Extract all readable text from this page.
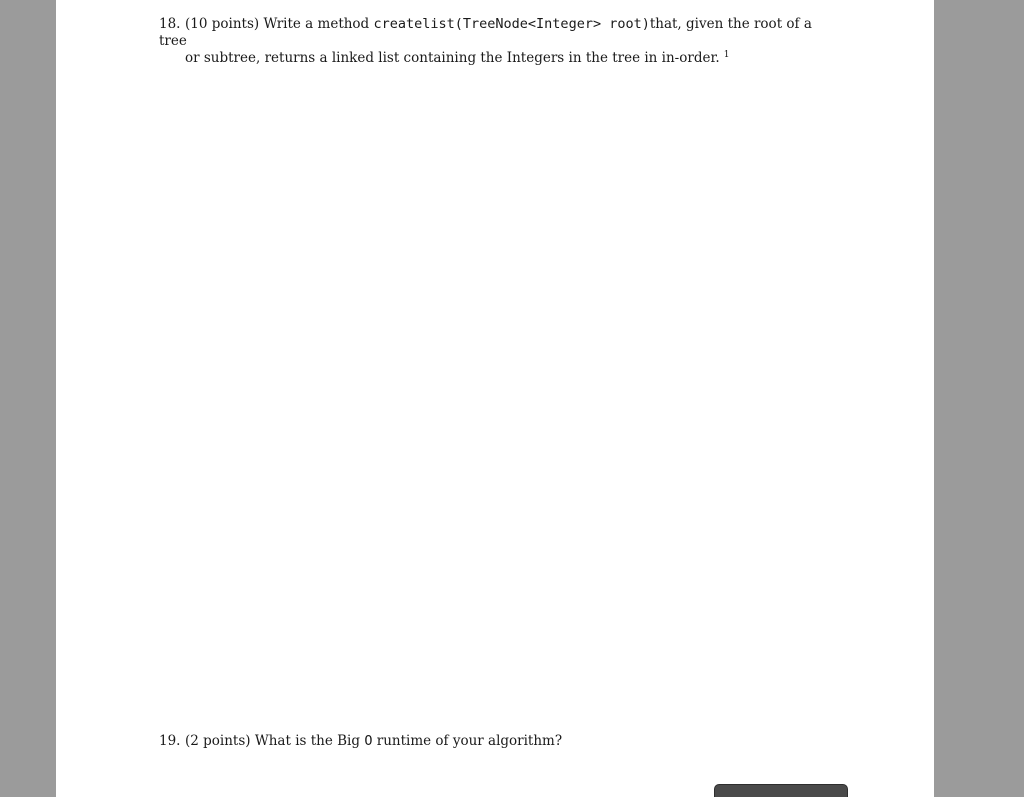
18. (10 points) Write a method createlist(TreeNode<Integer> root)that, given the root of a tree
or subtree, returns a linked list containing the Integers in the tree in in-order. $^1$
19. (2 points) What is the Big O runtime of your algorithm?
